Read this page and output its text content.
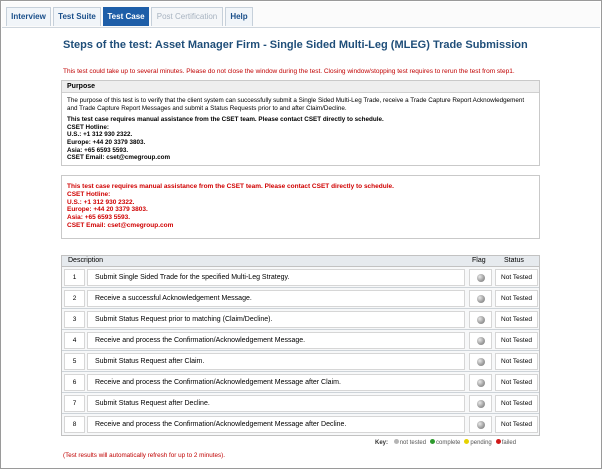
Interview	Test Suite	Test Case	Post Certification	Help
Steps of the test: Asset Manager Firm - Single Sided Multi-Leg (MLEG) Trade Submission
This test could take up to several minutes. Please do not close the window during the test. Closing window/stopping test requires to rerun the test from step1.
Purpose

The purpose of this test is to verify that the client system can successfully submit a Single Sided Multi-Leg Trade, receive a Trade Capture Report Acknowledgement and Trade Capture Report Messages and submit a Status Requests prior to and after Claim/Decline.

This test case requires manual assistance from the CSET team. Please contact CSET directly to schedule.
CSET Hotline:
U.S.: +1 312 930 2322.
Europe: +44 20 3379 3803.
Asia: +65 6593 5593.
CSET Email: cset@cmegroup.com
This test case requires manual assistance from the CSET team. Please contact CSET directly to schedule.
CSET Hotline:
U.S.: +1 312 930 2322.
Europe: +44 20 3379 3803.
Asia: +65 6593 5593.
CSET Email: cset@cmegroup.com
Description	Flag	Status
1	Submit Single Sided Trade for the specified Multi-Leg Strategy.	Not Tested
2	Receive a successful Acknowledgement Message.	Not Tested
3	Submit Status Request prior to matching (Claim/Decline).	Not Tested
4	Receive and process the Confirmation/Acknowledgement Message.	Not Tested
5	Submit Status Request after Claim.	Not Tested
6	Receive and process the Confirmation/Acknowledgement Message after Claim.	Not Tested
7	Submit Status Request after Decline.	Not Tested
8	Receive and process the Confirmation/Acknowledgement Message after Decline.	Not Tested
Key: not tested complete pending failed
(Test results will automatically refresh for up to 2 minutes).
